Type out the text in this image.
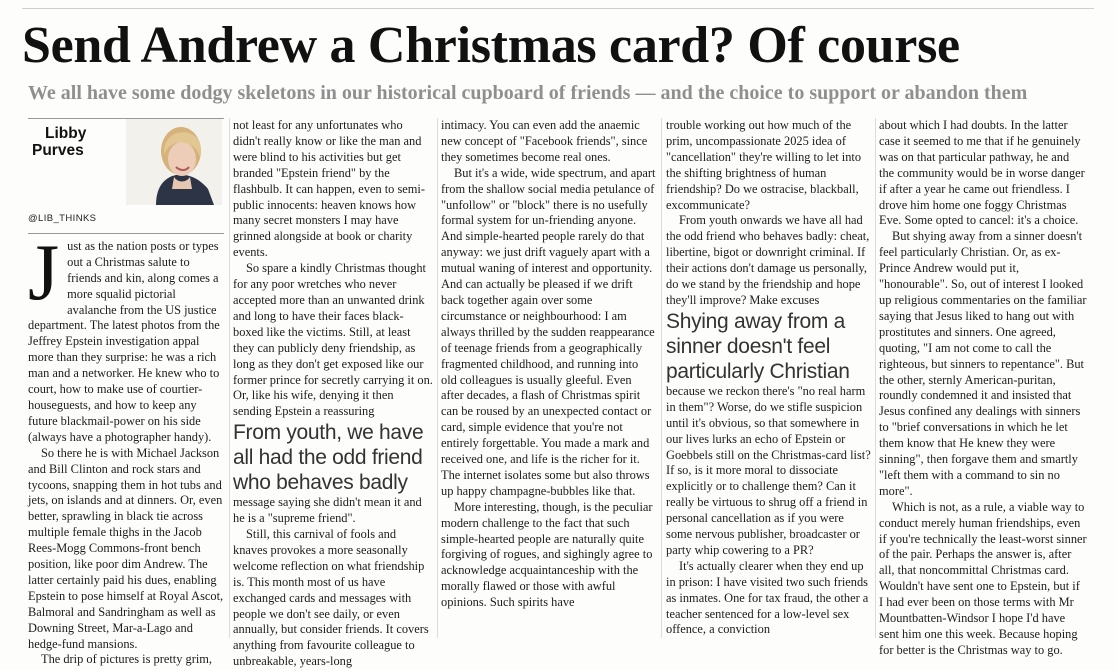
Send Andrew a Christmas card? Of course
We all have some dodgy skeletons in our historical cupboard of friends — and the choice to support or abandon them

Libby
Purves

@LIB_THINKS

Just as the nation posts or types out a Christmas salute to friends and kin, along comes a more squalid pictorial avalanche from the US justice department. The latest photos from the Jeffrey Epstein investigation appal more than they surprise: he was a rich man and a networker. He knew who to court, how to make use of courtier-houseguests, and how to keep any future blackmail-power on his side (always have a photographer handy).

So there he is with Michael Jackson and Bill Clinton and rock stars and tycoons, snapping them in hot tubs and jets, on islands and at dinners. Or, even better, sprawling in black tie across multiple female thighs in the Jacob Rees-Mogg Commons-front bench position, like poor dim Andrew. The latter certainly paid his dues, enabling Epstein to pose himself at Royal Ascot, Balmoral and Sandringham as well as Downing Street, Mar-a-Lago and hedge-fund mansions.

The drip of pictures is pretty grim,

not least for any unfortunates who didn't really know or like the man and were blind to his activities but get branded "Epstein friend" by the flashbulb. It can happen, even to semi-public innocents: heaven knows how many secret monsters I may have grinned alongside at book or charity events.

So spare a kindly Christmas thought for any poor wretches who never accepted more than an unwanted drink and long to have their faces black-boxed like the victims. Still, at least they can publicly deny friendship, as long as they don't get exposed like our former prince for secretly carrying it on. Or, like his wife, denying it then sending Epstein a reassuring

From youth, we have all had the odd friend who behaves badly

message saying she didn't mean it and he is a "supreme friend".

Still, this carnival of fools and knaves provokes a more seasonally welcome reflection on what friendship is. This month most of us have exchanged cards and messages with people we don't see daily, or even annually, but consider friends. It covers anything from favourite colleague to unbreakable, years-long

intimacy. You can even add the anaemic new concept of "Facebook friends", since they sometimes become real ones.

But it's a wide, wide spectrum, and apart from the shallow social media petulance of "unfollow" or "block" there is no usefully formal system for un-friending anyone. And simple-hearted people rarely do that anyway: we just drift vaguely apart with a mutual waning of interest and opportunity. And can actually be pleased if we drift back together again over some circumstance or neighbourhood: I am always thrilled by the sudden reappearance of teenage friends from a geographically fragmented childhood, and running into old colleagues is usually gleeful. Even after decades, a flash of Christmas spirit can be roused by an unexpected contact or card, simple evidence that you're not entirely forgettable. You made a mark and received one, and life is the richer for it. The internet isolates some but also throws up happy champagne-bubbles like that.

More interesting, though, is the peculiar modern challenge to the fact that such simple-hearted people are naturally quite forgiving of rogues, and sighingly agree to acknowledge acquaintanceship with the morally flawed or those with awful opinions. Such spirits have

trouble working out how much of the prim, uncompassionate 2025 idea of "cancellation" they're willing to let into the shifting brightness of human friendship? Do we ostracise, blackball, excommunicate?

From youth onwards we have all had the odd friend who behaves badly: cheat, libertine, bigot or downright criminal. If their actions don't damage us personally, do we stand by the friendship and hope they'll improve? Make excuses

Shying away from a sinner doesn't feel particularly Christian

because we reckon there's "no real harm in them"? Worse, do we stifle suspicion until it's obvious, so that somewhere in our lives lurks an echo of Epstein or Goebbels still on the Christmas-card list? If so, is it more moral to dissociate explicitly or to challenge them? Can it really be virtuous to shrug off a friend in personal cancellation as if you were some nervous publisher, broadcaster or party whip cowering to a PR?

It's actually clearer when they end up in prison: I have visited two such friends as inmates. One for tax fraud, the other a teacher sentenced for a low-level sex offence, a conviction

about which I had doubts. In the latter case it seemed to me that if he genuinely was on that particular pathway, he and the community would be in worse danger if after a year he came out friendless. I drove him home one foggy Christmas Eve. Some opted to cancel: it's a choice.

But shying away from a sinner doesn't feel particularly Christian. Or, as ex-Prince Andrew would put it, "honourable". So, out of interest I looked up religious commentaries on the familiar saying that Jesus liked to hang out with prostitutes and sinners. One agreed, quoting, "I am not come to call the righteous, but sinners to repentance". But the other, sternly American-puritan, roundly condemned it and insisted that Jesus confined any dealings with sinners to "brief conversations in which he let them know that He knew they were sinning", then forgave them and smartly "left them with a command to sin no more".

Which is not, as a rule, a viable way to conduct merely human friendships, even if you're technically the least-worst sinner of the pair. Perhaps the answer is, after all, that noncommittal Christmas card. Wouldn't have sent one to Epstein, but if I had ever been on those terms with Mr Mountbatten-Windsor I hope I'd have sent him one this week. Because hoping for better is the Christmas way to go.
